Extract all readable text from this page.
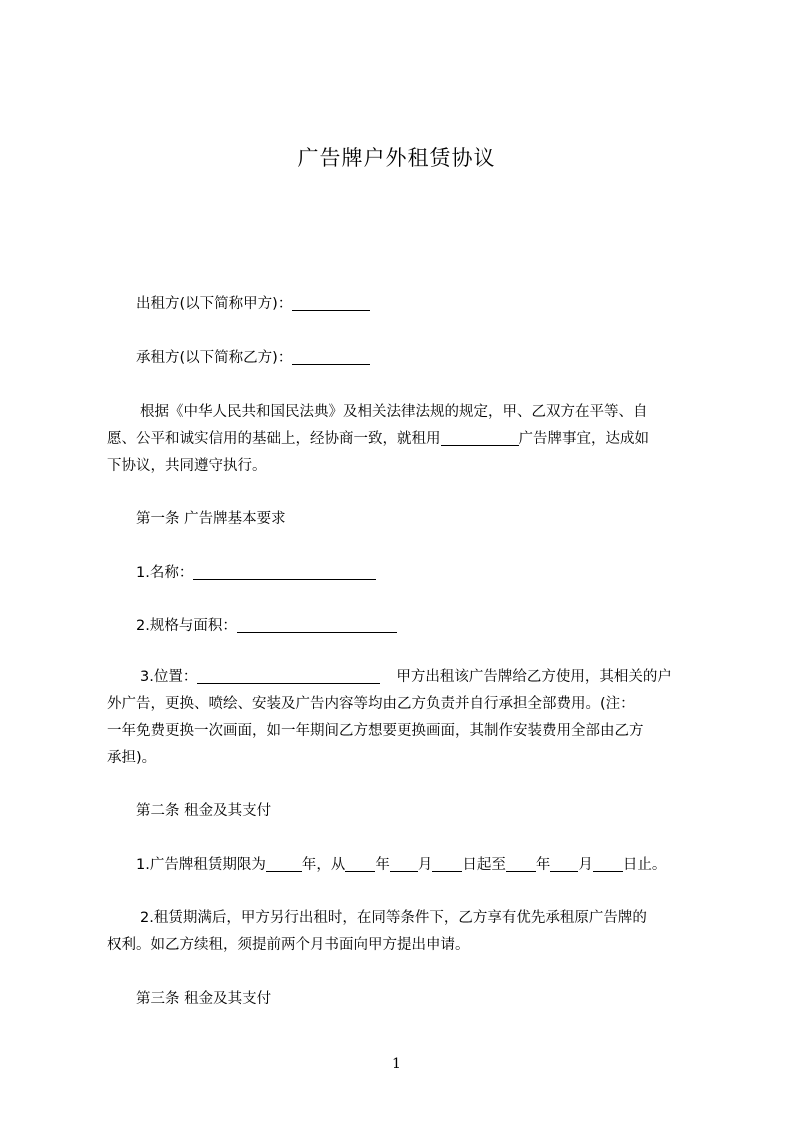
广告牌户外租赁协议
出租方(以下简称甲方)：
承租方(以下简称乙方)：
根据《中华人民共和国民法典》及相关法律法规的规定，甲、乙双方在平等、自
愿、公平和诚实信用的基础上，经协商一致，就租用	广告牌事宜，达成如
下协议，共同遵守执行。
第一条 广告牌基本要求
1.名称：
2.规格与面积：
3.位置：	甲方出租该广告牌给乙方使用，其相关的户
外广告，更换、喷绘、安装及广告内容等均由乙方负责并自行承担全部费用。(注：
一年免费更换一次画面，如一年期间乙方想要更换画面，其制作安装费用全部由乙方
承担)。
第二条 租金及其支付
1.广告牌租赁期限为 年，从 年 月 日起至 年 月 日止。
2.租赁期满后，甲方另行出租时，在同等条件下，乙方享有优先承租原广告牌的
权利。如乙方续租，须提前两个月书面向甲方提出申请。
第三条 租金及其支付
1
